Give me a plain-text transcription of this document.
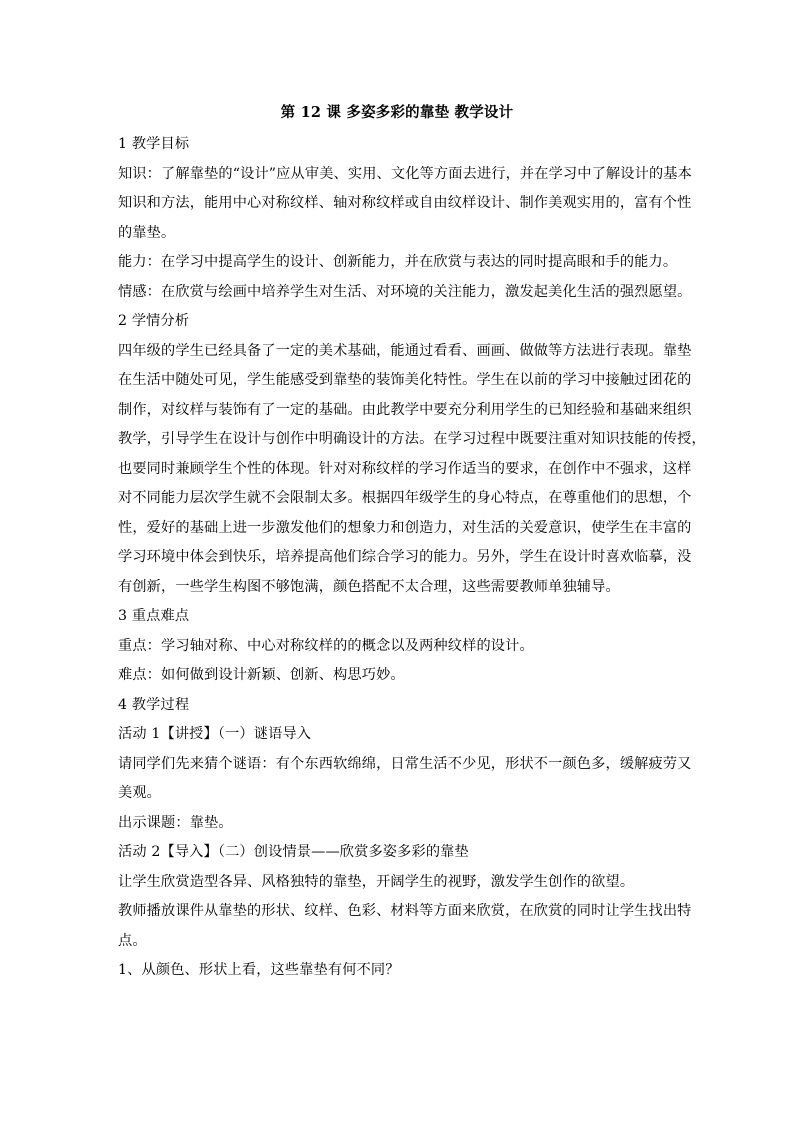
第 12 课 多姿多彩的靠垫 教学设计
1 教学目标
知识：了解靠垫的“设计”应从审美、实用、文化等方面去进行，并在学习中了解设计的基本
知识和方法，能用中心对称纹样、轴对称纹样或自由纹样设计、制作美观实用的，富有个性
的靠垫。
能力：在学习中提高学生的设计、创新能力，并在欣赏与表达的同时提高眼和手的能力。
情感：在欣赏与绘画中培养学生对生活、对环境的关注能力，激发起美化生活的强烈愿望。
2 学情分析
四年级的学生已经具备了一定的美术基础，能通过看看、画画、做做等方法进行表现。靠垫
在生活中随处可见，学生能感受到靠垫的装饰美化特性。学生在以前的学习中接触过团花的
制作，对纹样与装饰有了一定的基础。由此教学中要充分利用学生的已知经验和基础来组织
教学，引导学生在设计与创作中明确设计的方法。在学习过程中既要注重对知识技能的传授，
也要同时兼顾学生个性的体现。针对对称纹样的学习作适当的要求，在创作中不强求，这样
对不同能力层次学生就不会限制太多。根据四年级学生的身心特点，在尊重他们的思想，个
性，爱好的基础上进一步激发他们的想象力和创造力，对生活的关爱意识，使学生在丰富的
学习环境中体会到快乐，培养提高他们综合学习的能力。另外，学生在设计时喜欢临摹，没
有创新，一些学生构图不够饱满，颜色搭配不太合理，这些需要教师单独辅导。
3 重点难点
重点：学习轴对称、中心对称纹样的的概念以及两种纹样的设计。
难点：如何做到设计新颖、创新、构思巧妙。
4 教学过程
活动 1【讲授】（一）谜语导入
请同学们先来猜个谜语：有个东西软绵绵，日常生活不少见，形状不一颜色多，缓解疲劳又
美观。
出示课题：靠垫。
活动 2【导入】（二）创设情景——欣赏多姿多彩的靠垫
让学生欣赏造型各异、风格独特的靠垫，开阔学生的视野，激发学生创作的欲望。
教师播放课件从靠垫的形状、纹样、色彩、材料等方面来欣赏，在欣赏的同时让学生找出特
点。
1、从颜色、形状上看，这些靠垫有何不同？
